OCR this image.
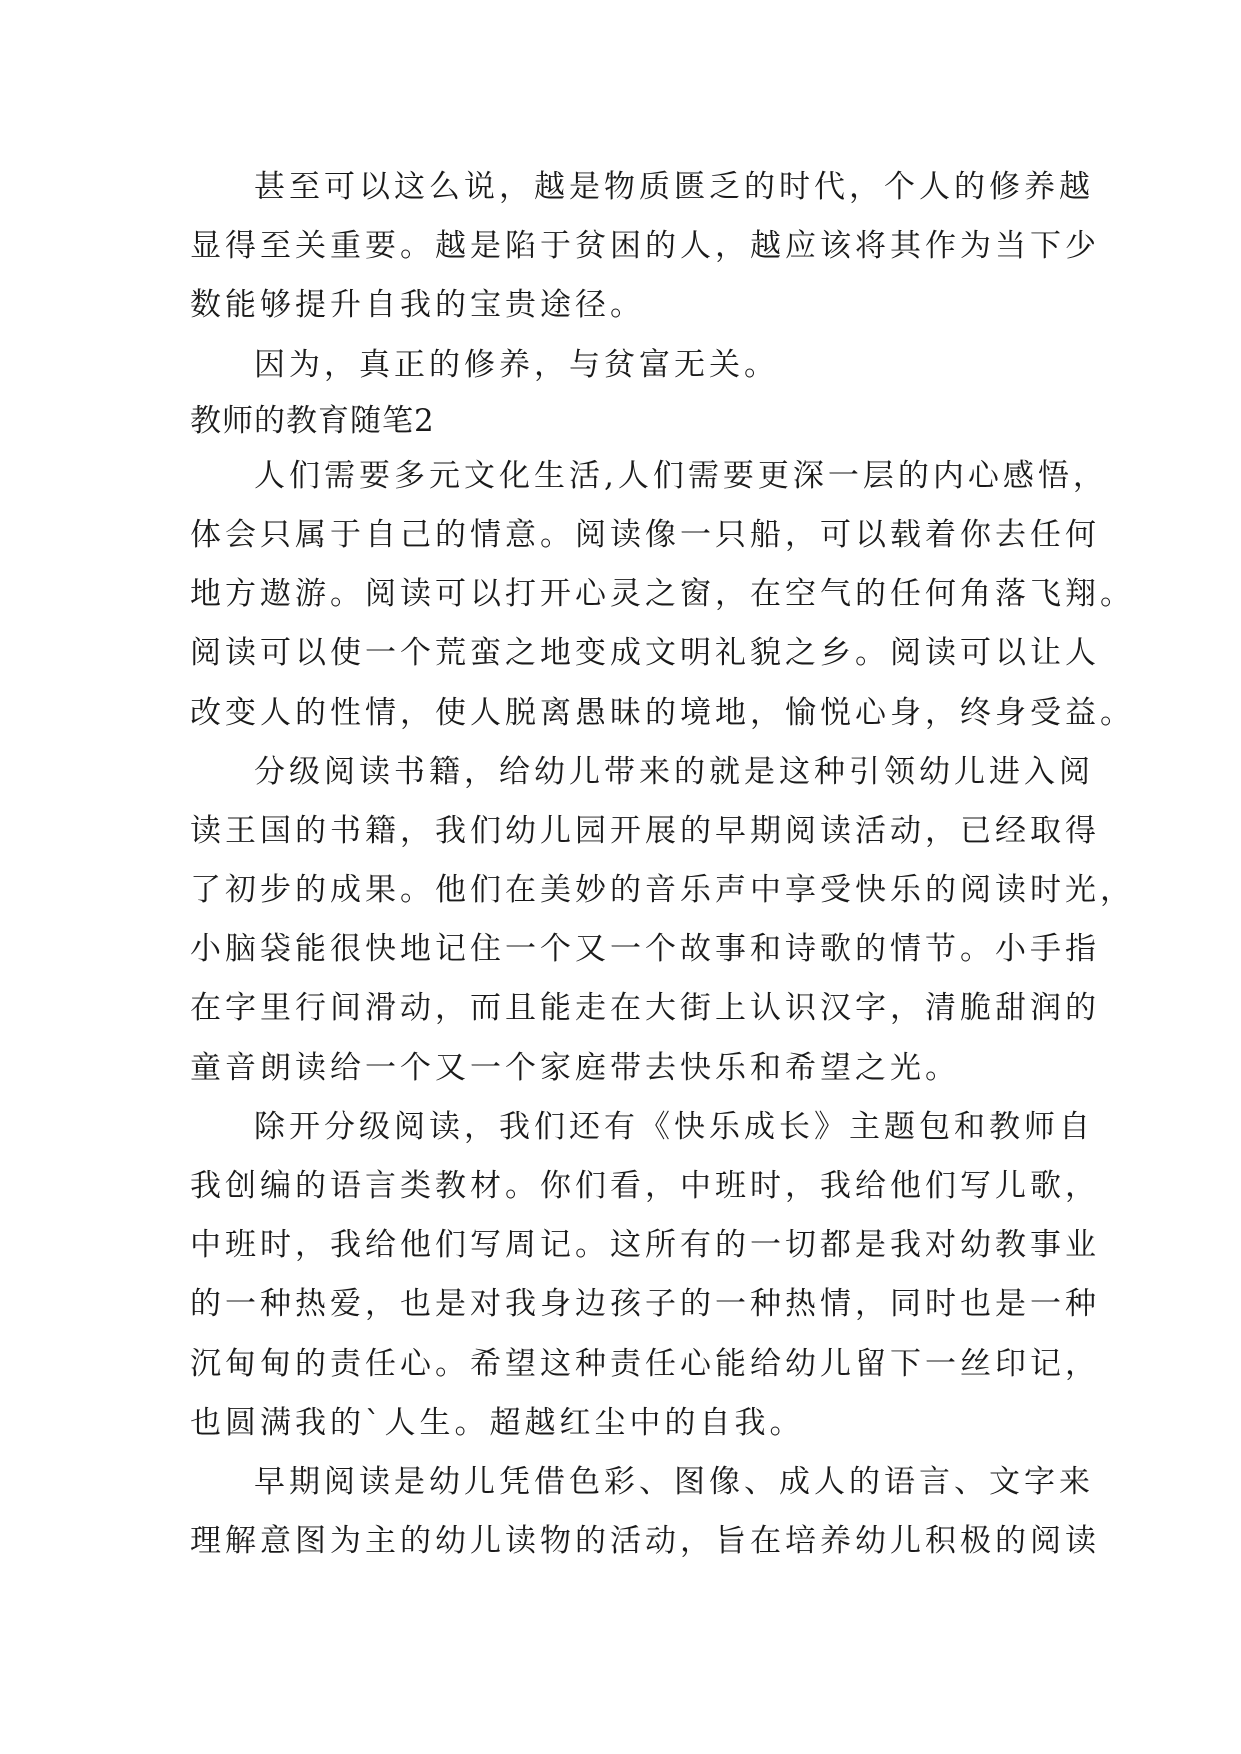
甚至可以这么说，越是物质匮乏的时代，个人的修养越
显得至关重要。越是陷于贫困的人，越应该将其作为当下少
数能够提升自我的宝贵途径。
因为，真正的修养，与贫富无关。
教师的教育随笔2
人们需要多元文化生活,人们需要更深一层的内心感悟，
体会只属于自己的情意。阅读像一只船，可以载着你去任何
地方遨游。阅读可以打开心灵之窗，在空气的任何角落飞翔。
阅读可以使一个荒蛮之地变成文明礼貌之乡。阅读可以让人
改变人的性情，使人脱离愚昧的境地，愉悦心身，终身受益。
分级阅读书籍，给幼儿带来的就是这种引领幼儿进入阅
读王国的书籍，我们幼儿园开展的早期阅读活动，已经取得
了初步的成果。他们在美妙的音乐声中享受快乐的阅读时光，
小脑袋能很快地记住一个又一个故事和诗歌的情节。小手指
在字里行间滑动，而且能走在大街上认识汉字，清脆甜润的
童音朗读给一个又一个家庭带去快乐和希望之光。
除开分级阅读，我们还有《快乐成长》主题包和教师自
我创编的语言类教材。你们看，中班时，我给他们写儿歌，
中班时，我给他们写周记。这所有的一切都是我对幼教事业
的一种热爱，也是对我身边孩子的一种热情，同时也是一种
沉甸甸的责任心。希望这种责任心能给幼儿留下一丝印记，
也圆满我的`人生。超越红尘中的自我。
早期阅读是幼儿凭借色彩、图像、成人的语言、文字来
理解意图为主的幼儿读物的活动，旨在培养幼儿积极的阅读
